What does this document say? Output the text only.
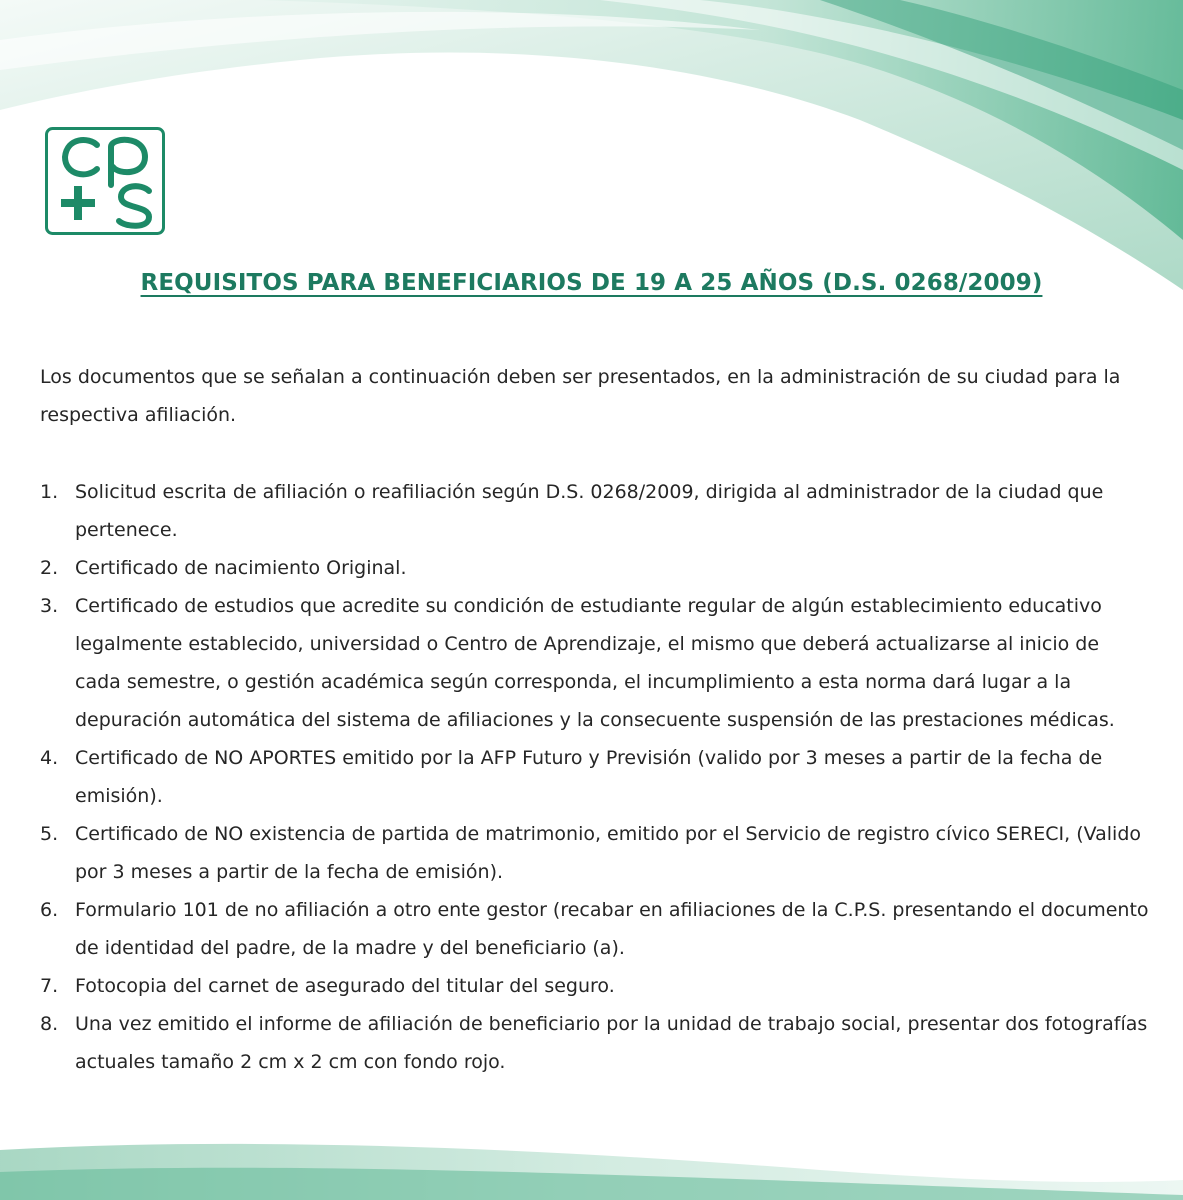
REQUISITOS PARA BENEFICIARIOS DE 19 A 25 AÑOS (D.S. 0268/2009)

Los documentos que se señalan a continuación deben ser presentados, en la administración de su ciudad para la respectiva afiliación.

1. Solicitud escrita de afiliación o reafiliación según D.S. 0268/2009, dirigida al administrador de la ciudad que pertenece.
2. Certificado de nacimiento Original.
3. Certificado de estudios que acredite su condición de estudiante regular de algún establecimiento educativo legalmente establecido, universidad o Centro de Aprendizaje, el mismo que deberá actualizarse al inicio de cada semestre, o gestión académica según corresponda, el incumplimiento a esta norma dará lugar a la depuración automática del sistema de afiliaciones y la consecuente suspensión de las prestaciones médicas.
4. Certificado de NO APORTES emitido por la AFP Futuro y Previsión (valido por 3 meses a partir de la fecha de emisión).
5. Certificado de NO existencia de partida de matrimonio, emitido por el Servicio de registro cívico SERECI, (Valido por 3 meses a partir de la fecha de emisión).
6. Formulario 101 de no afiliación a otro ente gestor (recabar en afiliaciones de la C.P.S. presentando el documento de identidad del padre, de la madre y del beneficiario (a).
7. Fotocopia del carnet de asegurado del titular del seguro.
8. Una vez emitido el informe de afiliación de beneficiario por la unidad de trabajo social, presentar dos fotografías actuales tamaño 2 cm x 2 cm con fondo rojo.
